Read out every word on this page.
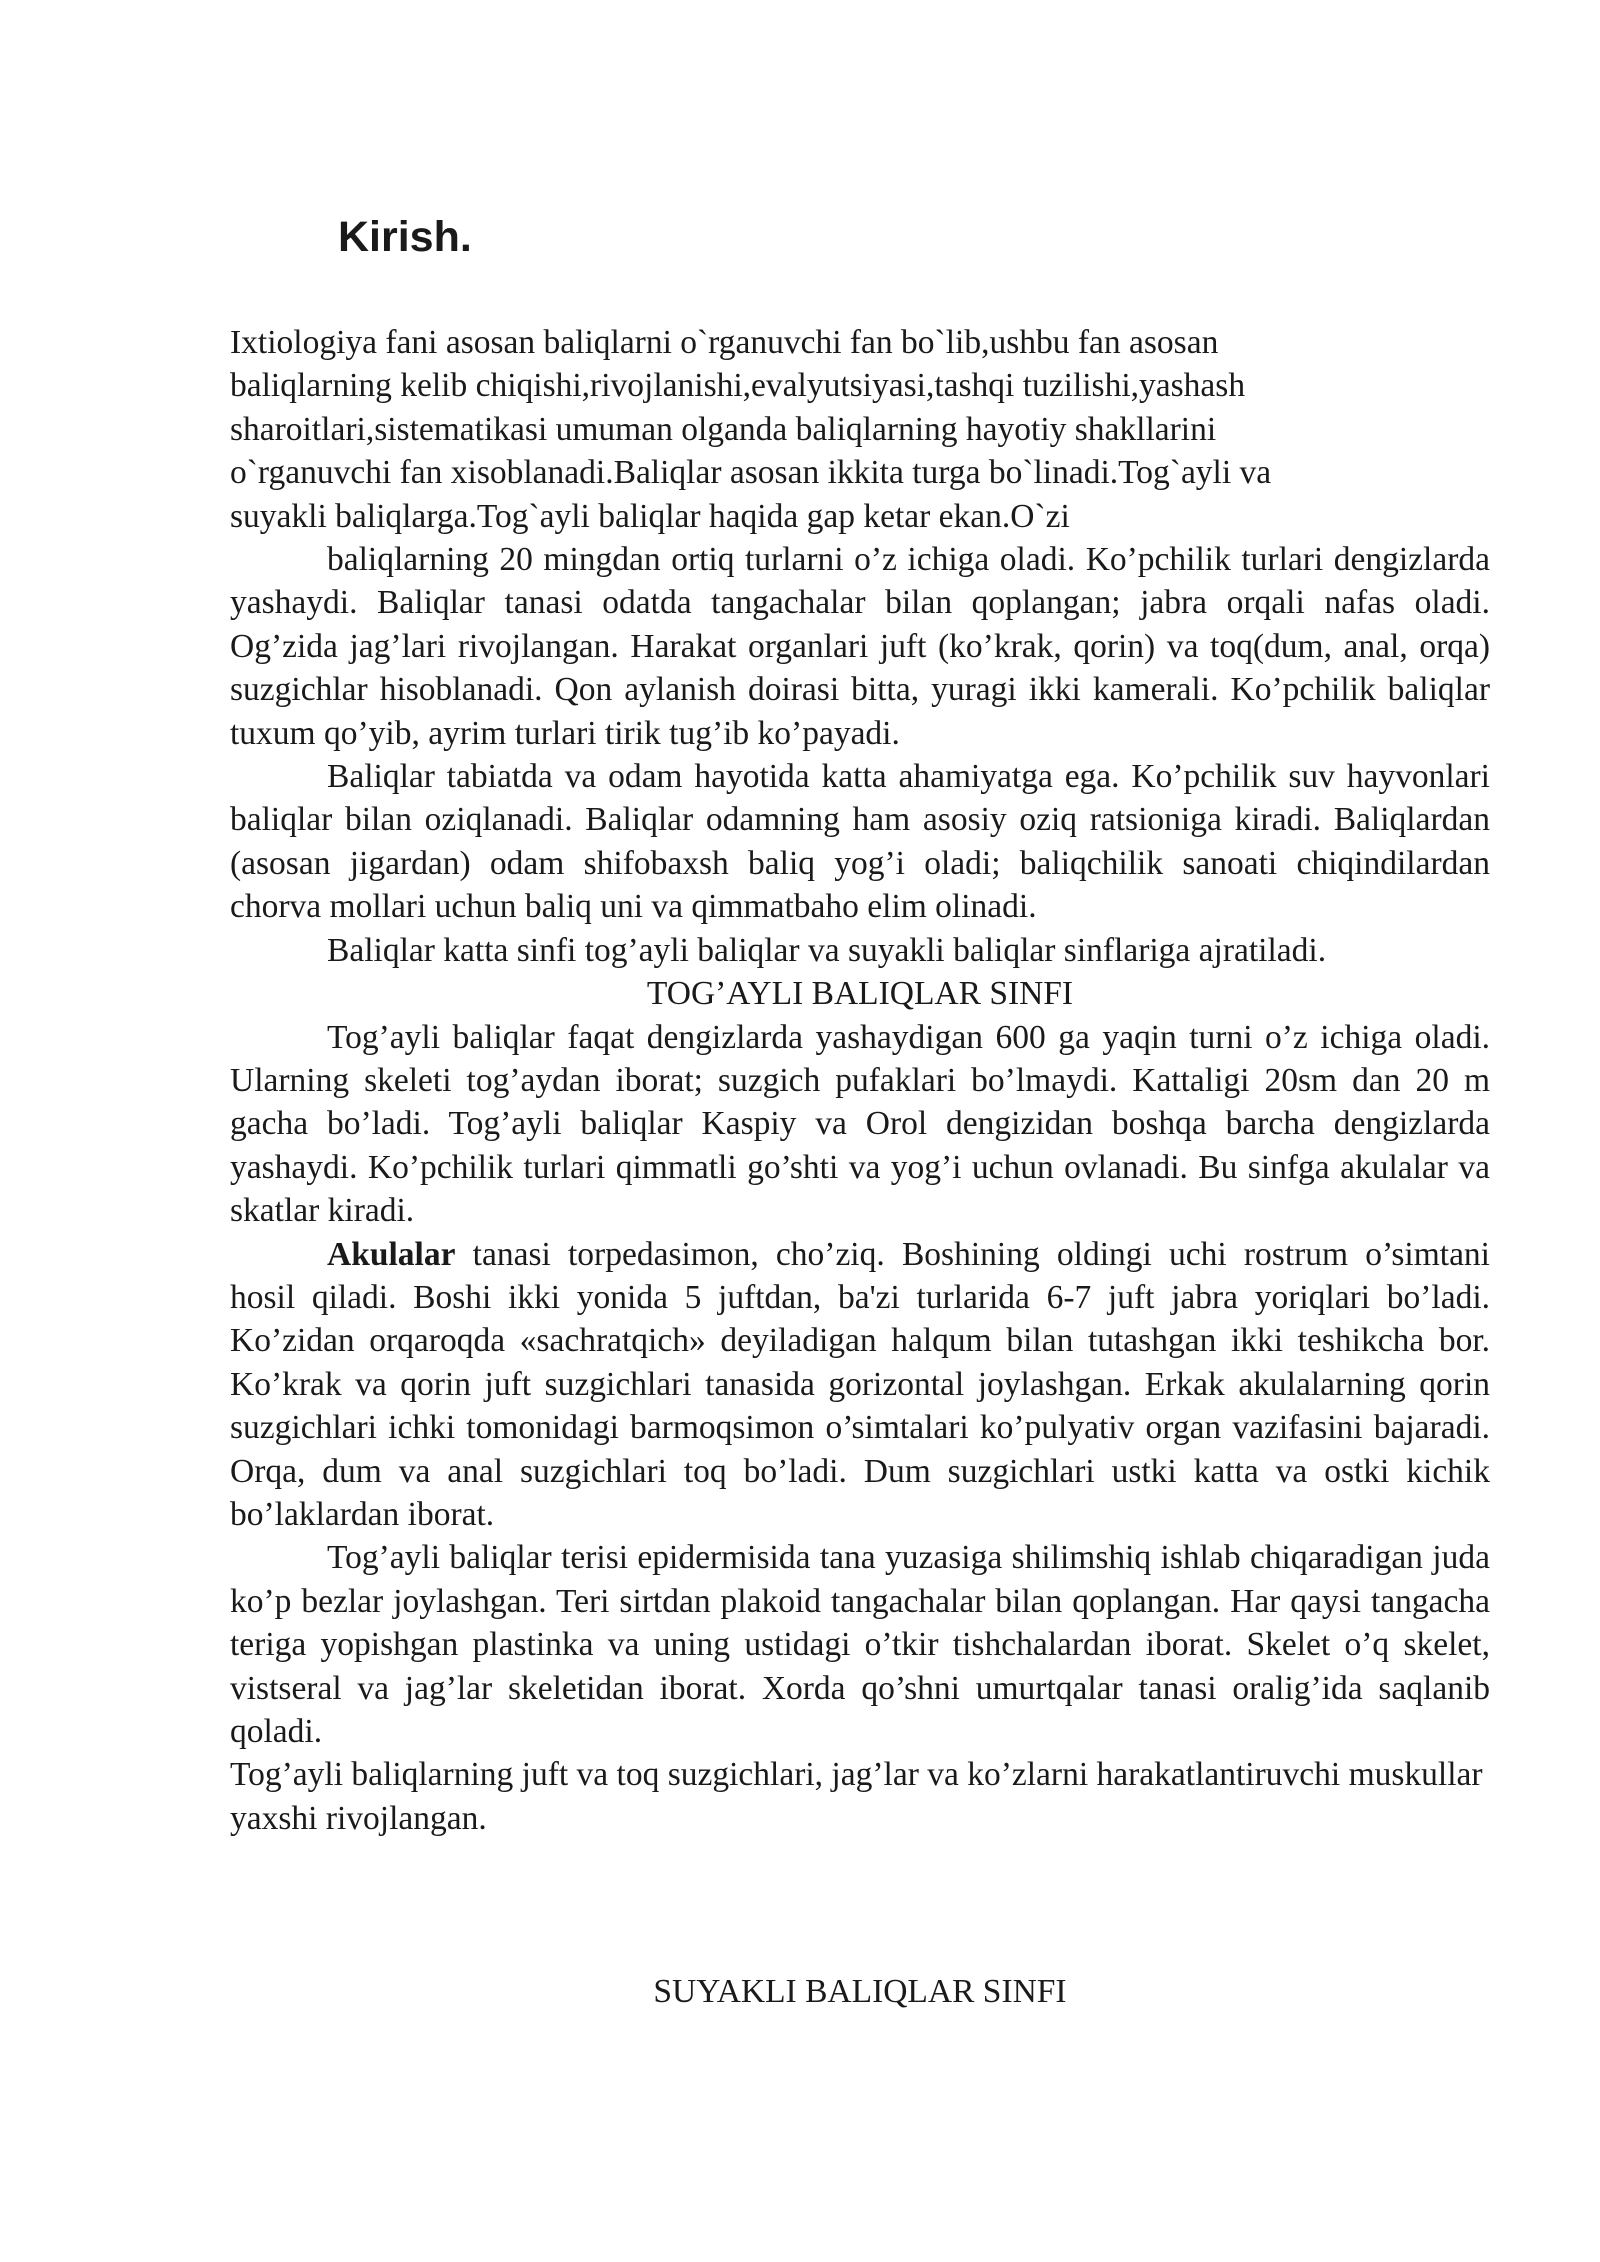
Kirish.
Ixtiologiya fani asosan baliqlarni o`rganuvchi fan bo`lib,ushbu fan asosan
baliqlarning kelib chiqishi,rivojlanishi,evalyutsiyasi,tashqi tuzilishi,yashash
sharoitlari,sistematikasi umuman olganda baliqlarning hayotiy shakllarini
o`rganuvchi fan xisoblanadi.Baliqlar asosan ikkita turga bo`linadi.Tog`ayli va
suyakli baliqlarga.Tog`ayli baliqlar haqida gap ketar ekan.O`zi

baliqlarning 20 mingdan ortiq turlarni o’z ichiga oladi. Ko’pchilik turlari dengizlarda yashaydi. Baliqlar tanasi odatda tangachalar bilan qoplangan; jabra orqali nafas oladi. Og’zida jag’lari rivojlangan. Harakat organlari juft (ko’krak, qorin) va toq(dum, anal, orqa) suzgichlar hisoblanadi. Qon aylanish doirasi bitta, yuragi ikki kamerali. Ko’pchilik baliqlar tuxum qo’yib, ayrim turlari tirik tug’ib ko’payadi.

Baliqlar tabiatda va odam hayotida katta ahamiyatga ega. Ko’pchilik suv hayvonlari baliqlar bilan oziqlanadi. Baliqlar odamning ham asosiy oziq ratsioniga kiradi. Baliqlardan (asosan jigardan) odam shifobaxsh baliq yog’i oladi; baliqchilik sanoati chiqindilardan chorva mollari uchun baliq uni va qimmatbaho elim olinadi.

Baliqlar katta sinfi tog’ayli baliqlar va suyakli baliqlar sinflariga ajratiladi.

TOG’AYLI BALIQLAR SINFI

Tog’ayli baliqlar faqat dengizlarda yashaydigan 600 ga yaqin turni o’z ichiga oladi. Ularning skeleti tog’aydan iborat; suzgich pufaklari bo’lmaydi. Kattaligi 20sm dan 20 m gacha bo’ladi. Tog’ayli baliqlar Kaspiy va Orol dengizidan boshqa barcha dengizlarda yashaydi. Ko’pchilik turlari qimmatli go’shti va yog’i uchun ovlanadi. Bu sinfga akulalar va skatlar kiradi.

Akulalar tanasi torpedasimon, cho’ziq. Boshining oldingi uchi rostrum o’simtani hosil qiladi. Boshi ikki yonida 5 juftdan, ba'zi turlarida 6-7 juft jabra yoriqlari bo’ladi. Ko’zidan orqaroqda «sachratqich» deyiladigan halqum bilan tutashgan ikki teshikcha bor. Ko’krak va qorin juft suzgichlari tanasida gorizontal joylashgan. Erkak akulalarning qorin suzgichlari ichki tomonidagi barmoqsimon o’simtalari ko’pulyativ organ vazifasini bajaradi. Orqa, dum va anal suzgichlari toq bo’ladi. Dum suzgichlari ustki katta va ostki kichik bo’laklardan iborat.

Tog’ayli baliqlar terisi epidermisida tana yuzasiga shilimshiq ishlab chiqaradigan juda ko’p bezlar joylashgan. Teri sirtdan plakoid tangachalar bilan qoplangan. Har qaysi tangacha teriga yopishgan plastinka va uning ustidagi o’tkir tishchalardan iborat. Skelet o’q skelet, vistseral va jag’lar skeletidan iborat. Xorda qo’shni umurtqalar tanasi oralig’ida saqlanib qoladi.

Tog’ayli baliqlarning juft va toq suzgichlari, jag’lar va ko’zlarni harakatlantiruvchi muskullar yaxshi rivojlangan.

SUYAKLI BALIQLAR SINFI
